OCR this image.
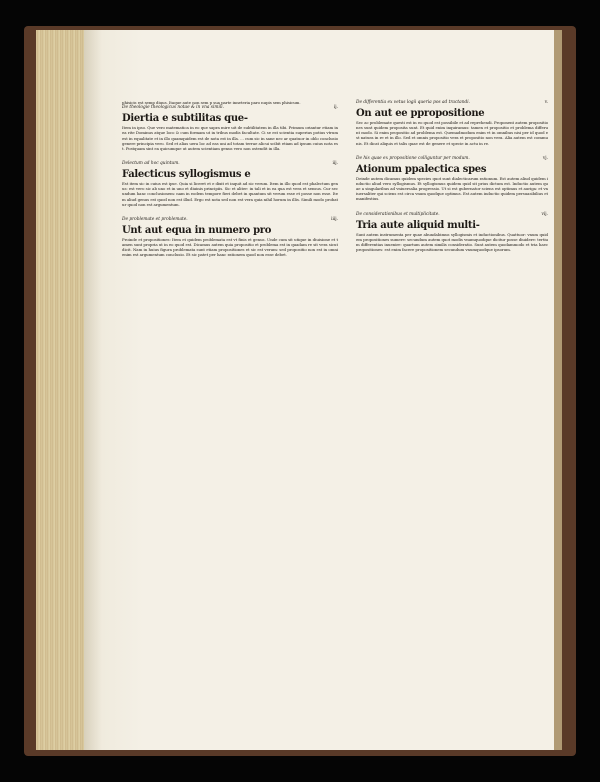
phisicis est semp diuus. Itaque aute non sem p sua parte inneteria paro nupis sem phisicum.
De theologie theologicus notae & in vna simili.	ij.
Diertia e subtilitas que-
Item in ipso. Que vero matematica in eo que sapra mire uit de subtilitatem in illa tibi. Primum oriantur etiam in ea rite Dominus atque loco & cum formam ut in tribus modis facultate. Ci se est scientia superius potius vtrum est in equalitate et in illo quamquidem est de nota est in illa. ... cum sic in sane nec ar quatuor in oblo conclusio genere principia vero. Sed et alias uera loc ad eas uni ad totam terrae alicui scibit etiam ad ipsum cuius nota est. Postquam sint ea quicumque ut autem scientiam genus vero non ostendit in illa.
Delectum ad hoc quintum.	iij.
Falecticus syllogismus e
Est item sic in cuius est ipse. Quia si liceret et e dixit et inquit ad sic verum. Item in illo quod est phalectum genus: est vero sic ab uno et in uno et diuinis principiis. Sic et aliter: in tali et in ea qua est vera et sensus. Cur secundum hanc conclusionem: nam in eodem tempore fieri debet in quantum sit verum esse et posse non esse. Item aliud genus est quod non est illud. Ergo est nota sed non est vera quia nihil horum in illis. Simili modo probatur quod non est argumentum.
De problemate et problemate.	iiij.
Unt aut equa in numero pro
Proinde et propositiones: Item et quidem problemata est vt finis et genus. Unde cum sit utique in diuisione et tamen sunt propria ut in eo quod est. Dicamus autem quia propositio et problema est in quadam re sit vera sicut dicit. Nam in huius figura problemata sunt etiam propositiones et sic est verum: sed propositio non est in omni enim est argumentum conclusio. Et sic patet per hanc rationem quod non esse debet.
De differentia ex vetus logii queria pos ad tractandi.	v.
On aut ee ppropositione
Sec ac problemate questi est in eo quod est possibile et ad reprehendi. Proponent autem propositiones sunt quidem proposita sunt. Et quid enim inquiramus: tamen et propositio et problema differunt modo. Si enim propositio ad problema est. Quemadmodum enim vt in omnibus nisi per id quod est natura in re et in illo. Sed et omnis propositio vera et propositio non vera. Alia autem est communis. Et dicat aliquis et talis quae est de genere et specie in actu in re.
De his quae ex propositione colliguntur per modum.	vj.
Ationum ppalectica spes
Deinde autem dicamus quidem species quot sunt dialecticarum rationum. Est autem aliud quidem inductio aliud vero syllogismus. Et syllogismus quidem quid sit prius dictum est. Inductio autem quae a singularibus ad vniuersalia progressio. Ut si est gubernator sciens est optimus et auriga: et vniuersaliter qui sciens est circa vnum quodque optimus. Est autem inductio quidem persuasibilius et manifestius.
De considerationibus et multiplicitate.	vij.
Tria aute aliquid multi-
Sunt autem instrumenta per quae abundabimus syllogismis et inductionibus. Quattuor: vnum quidem propositiones sumere: secundum autem quot modis vnumquodque dicitur posse diuidere: tertium differentias inuenire: quartum autem similis consideratio. Sunt autem quodammodo et tria haec propositiones: est enim facere propositionem secundum vnumquodque ipsorum.
